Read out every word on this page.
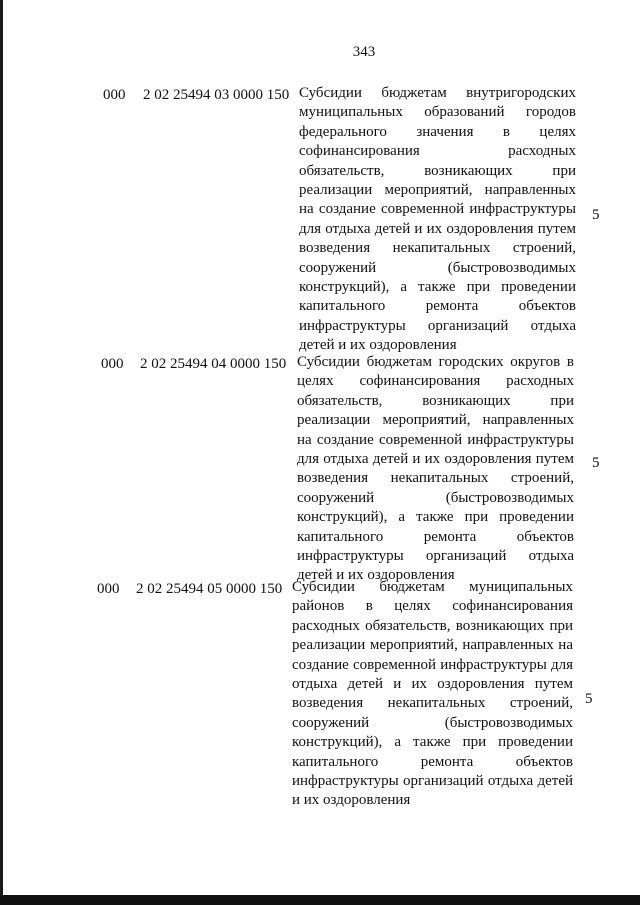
343
000 2 02 25494 03 0000 150 Субсидии бюджетам внутригородских муниципальных образований городов федерального значения в целях софинансирования расходных обязательств, возникающих при реализации мероприятий, направленных на создание современной инфраструктуры для отдыха детей и их оздоровления путем возведения некапитальных строений, сооружений (быстровозводимых конструкций), а также при проведении капитального ремонта объектов инфраструктуры организаций отдыха детей и их оздоровления
5
000 2 02 25494 04 0000 150 Субсидии бюджетам городских округов в целях софинансирования расходных обязательств, возникающих при реализации мероприятий, направленных на создание современной инфраструктуры для отдыха детей и их оздоровления путем возведения некапитальных строений, сооружений (быстровозводимых конструкций), а также при проведении капитального ремонта объектов инфраструктуры организаций отдыха детей и их оздоровления
5
000 2 02 25494 05 0000 150 Субсидии бюджетам муниципальных районов в целях софинансирования расходных обязательств, возникающих при реализации мероприятий, направленных на создание современной инфраструктуры для отдыха детей и их оздоровления путем возведения некапитальных строений, сооружений (быстровозводимых конструкций), а также при проведении капитального ремонта объектов инфраструктуры организаций отдыха детей и их оздоровления
5
